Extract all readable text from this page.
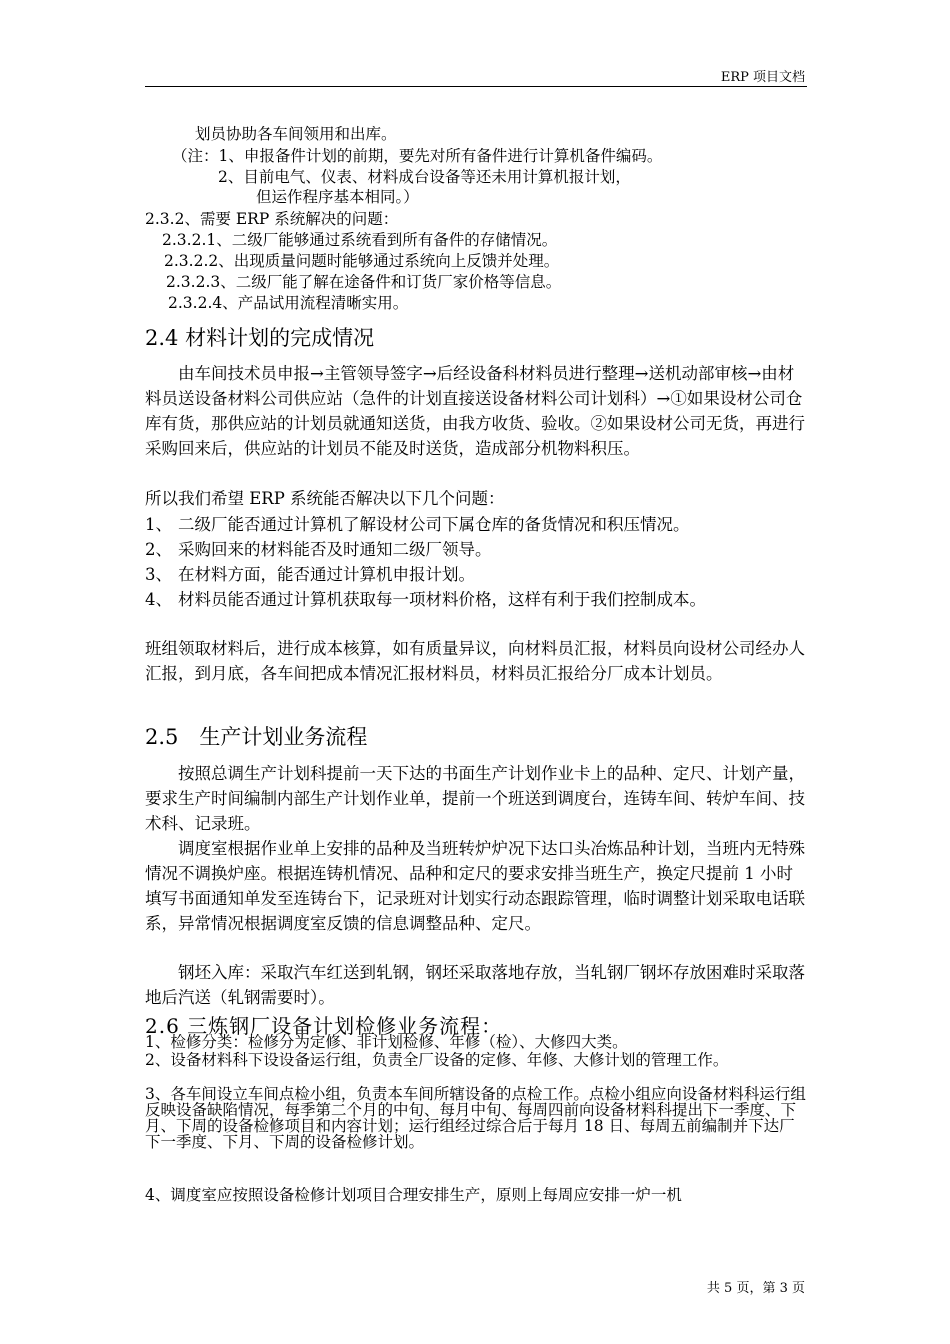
ERP 项目文档
划员协助各车间领用和出库。
（注：1、申报备件计划的前期，要先对所有备件进行计算机备件编码。
2、目前电气、仪表、材料成台设备等还未用计算机报计划，
但运作程序基本相同。）
2.3.2、需要 ERP 系统解决的问题：
2.3.2.1、二级厂能够通过系统看到所有备件的存储情况。
2.3.2.2、出现质量问题时能够通过系统向上反馈并处理。
2.3.2.3、二级厂能了解在途备件和订货厂家价格等信息。
2.3.2.4、产品试用流程清晰实用。
2.4 材料计划的完成情况
由车间技术员申报→主管领导签字→后经设备科材料员进行整理→送机动部审核→由材料员送设备材料公司供应站（急件的计划直接送设备材料公司计划科）→①如果设材公司仓库有货，那供应站的计划员就通知送货，由我方收货、验收。②如果设材公司无货，再进行采购回来后，供应站的计划员不能及时送货，造成部分机物料积压。
所以我们希望 ERP 系统能否解决以下几个问题：
1、 二级厂能否通过计算机了解设材公司下属仓库的备货情况和积压情况。
2、 采购回来的材料能否及时通知二级厂领导。
3、 在材料方面，能否通过计算机申报计划。
4、 材料员能否通过计算机获取每一项材料价格，这样有利于我们控制成本。
班组领取材料后，进行成本核算，如有质量异议，向材料员汇报，材料员向设材公司经办人汇报，到月底，各车间把成本情况汇报材料员，材料员汇报给分厂成本计划员。
2.5　生产计划业务流程
按照总调生产计划科提前一天下达的书面生产计划作业卡上的品种、定尺、计划产量，要求生产时间编制内部生产计划作业单，提前一个班送到调度台，连铸车间、转炉车间、技术科、记录班。
调度室根据作业单上安排的品种及当班转炉炉况下达口头冶炼品种计划，当班内无特殊情况不调换炉座。根据连铸机情况、品种和定尺的要求安排当班生产，换定尺提前 1 小时填写书面通知单发至连铸台下，记录班对计划实行动态跟踪管理，临时调整计划采取电话联系，异常情况根据调度室反馈的信息调整品种、定尺。
钢坯入库：采取汽车红送到轧钢，钢坯采取落地存放，当轧钢厂钢坏存放困难时采取落地后汽送（轧钢需要时）。
2.6 三炼钢厂设备计划检修业务流程：
1、检修分类：检修分为定修、非计划检修、年修（检）、大修四大类。
2、设备材料科下设设备运行组，负责全厂设备的定修、年修、大修计划的管理工作。
3、各车间设立车间点检小组，负责本车间所辖设备的点检工作。点检小组应向设备材料科运行组反映设备缺陷情况，每季第二个月的中旬、每月中旬、每周四前向设备材料科提出下一季度、下月、下周的设备检修项目和内容计划；运行组经过综合后于每月 18 日、每周五前编制并下达厂下一季度、下月、下周的设备检修计划。
4、调度室应按照设备检修计划项目合理安排生产，原则上每周应安排一炉一机
共 5 页，第 3 页
